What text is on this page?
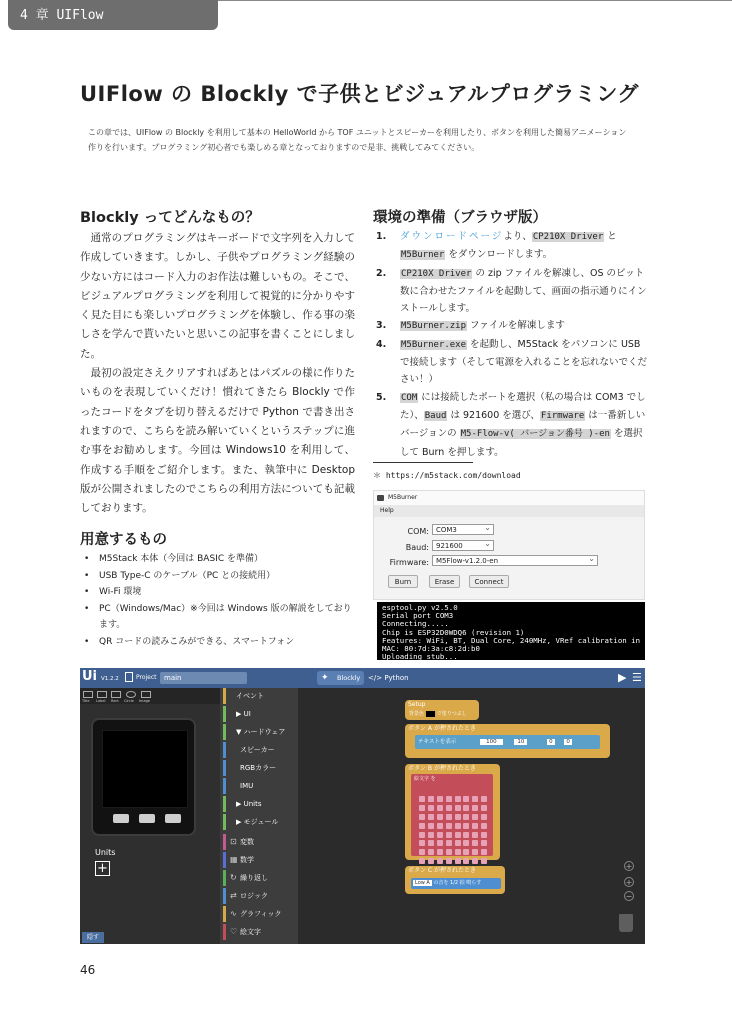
4 章 UIFlow
UIFlow の Blockly で子供とビジュアルプログラミング
この章では、UIFlow の Blockly を利用して基本の HelloWorld から TOF ユニットとスピーカーを利用したり、ボタンを利用した簡易アニメーション
作りを行います。プログラミング初心者でも楽しめる章となっておりますので是非、挑戦してみてください。
Blockly ってどんなもの？

通常のプログラミングはキーボードで文字列を入力して作成していきます。しかし、子供やプログラミング経験の少ない方にはコード入力のお作法は難しいもの。そこで、ビジュアルプログラミングを利用して視覚的に分かりやすく見た目にも楽しいプログラミングを体験し、作る事の楽しさを学んで貰いたいと思いこの記事を書くことにしました。

最初の設定さえクリアすればあとはパズルの様に作りたいものを表現していくだけ！慣れてきたら Blockly で作ったコードをタブを切り替えるだけで Python で書き出されますので、こちらを読み解いていくというステップに進む事をお勧めします。今回は Windows10 を利用して、作成する手順をご紹介します。また、執筆中に Desktop 版が公開されましたのでこちらの利用方法についても記載しております。

用意するもの
• M5Stack 本体（今回は BASIC を準備）
• USB Type-C のケーブル（PC との接続用）
• Wi-Fi 環境
• PC（Windows/Mac）※今回は Windows 版の解説をしております。
• QR コードの読みこみができる、スマートフォン
環境の準備（ブラウザ版）
1. ダウンロードページより、CP210X Driver と M5Burner をダウンロードします。
2. CP210X Driver の zip ファイルを解凍し、OS のビット数に合わせたファイルを起動して、画面の指示通りにインストールします。
3. M5Burner.zip ファイルを解凍します
4. M5Burner.exe を起動し、M5Stack をパソコンに USB で接続します（そして電源を入れることを忘れないでください！）
5. COM には接続したポートを選択（私の場合は COM3 でした）、Baud は 921600 を選び、Firmware は一番新しいバージョンの M5-Flow-v( バージョン番号 )-en を選択して Burn を押します。
＊ https://m5stack.com/download
M5Burner
Help
COM:	COM3 ⌄
Baud:	921600 ⌄
Firmware:	M5Flow-v1.2.0-en ⌄
Burn	Erase	Connect
esptool.py v2.5.0
Serial port COM3
Connecting.....
Chip is ESP32D0WDQ6 (revision 1)
Features: WiFi, BT, Dual Core, 240MHz, VRef calibration in efuse
MAC: 80:7d:3a:c8:2d:b0
Uploading stub...
Ui V1.2.2	Project	main	Blockly
✦	</> Python	▶ ☰
Title Label Rect Circle Image
Units
+
隠す
イベント
▶ UI
▼ ハードウェア
スピーカー
RGBカラー
IMU
▶ Units
▶ モジュール
⊡ 変数
▦ 数学
↻ 繰り返し
⇄ ロジック
∿ グラフィック
♡ 絵文字
Setup
背景色	で塗りつぶし
ボタン A が押されたとき
テキストを表示	100	10	0	0
ボタン B が押されたとき
絵文字 を
ボタン C が押されたとき
Low A の音を 1/2 拍 鳴らす
+
+
−
46
